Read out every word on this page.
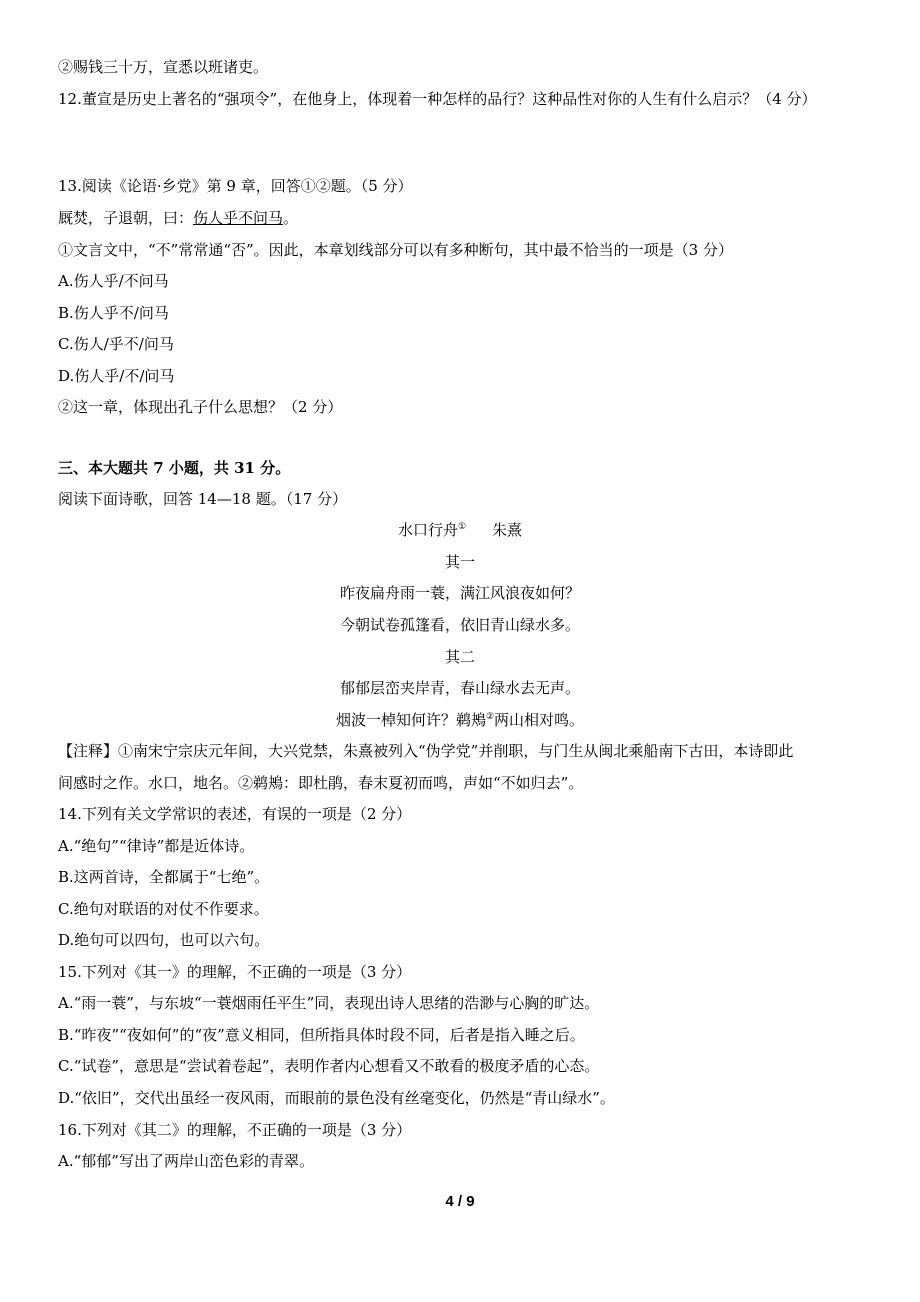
②赐钱三十万，宣悉以班诸吏。
12.董宣是历史上著名的“强项令”，在他身上，体现着一种怎样的品行？这种品性对你的人生有什么启示？（4 分）
13.阅读《论语·乡党》第 9 章，回答①②题。（5 分）
厩焚，子退朝，曰：伤人乎不问马。
①文言文中，“不”常常通“否”。因此，本章划线部分可以有多种断句，其中最不恰当的一项是（3 分）
A.伤人乎/不问马
B.伤人乎不/问马
C.伤人/乎不/问马
D.伤人乎/不/问马
②这一章，体现出孔子什么思想？（2 分）
三、本大题共 7 小题，共 31 分。
阅读下面诗歌，回答 14—18 题。（17 分）
水口行舟① 朱熹
其一
昨夜扁舟雨一蓑，满江风浪夜如何？
今朝试卷孤篷看，依旧青山绿水多。
其二
郁郁层峦夹岸青，春山绿水去无声。
烟波一棹知何许？鹈鴂②两山相对鸣。
【注释】①南宋宁宗庆元年间，大兴党禁，朱熹被列入“伪学党”并削职，与门生从闽北乘船南下古田，本诗即此
间感时之作。水口，地名。②鹈鴂：即杜鹃，春末夏初而鸣，声如“不如归去”。
14.下列有关文学常识的表述，有误的一项是（2 分）
A.“绝句”“律诗”都是近体诗。
B.这两首诗，全都属于“七绝”。
C.绝句对联语的对仗不作要求。
D.绝句可以四句，也可以六句。
15.下列对《其一》的理解，不正确的一项是（3 分）
A.“雨一蓑”，与东坡“一蓑烟雨任平生”同，表现出诗人思绪的浩渺与心胸的旷达。
B.“昨夜”“夜如何”的“夜”意义相同，但所指具体时段不同，后者是指入睡之后。
C.“试卷”，意思是“尝试着卷起”，表明作者内心想看又不敢看的极度矛盾的心态。
D.“依旧”，交代出虽经一夜风雨，而眼前的景色没有丝毫变化，仍然是“青山绿水”。
16.下列对《其二》的理解，不正确的一项是（3 分）
A.“郁郁”写出了两岸山峦色彩的青翠。
4 / 9
